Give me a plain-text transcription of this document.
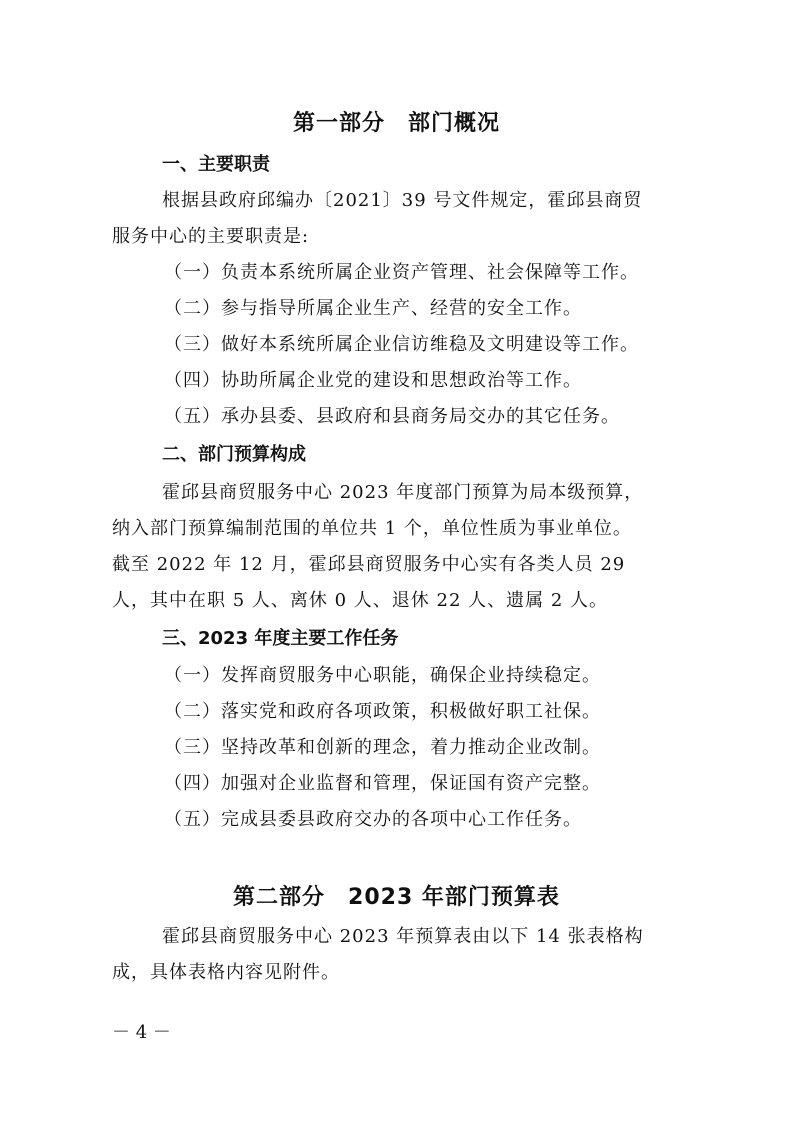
第一部分　部门概况
一、主要职责
根据县政府邱编办〔2021〕39 号文件规定，霍邱县商贸
服务中心的主要职责是:
（一）负责本系统所属企业资产管理、社会保障等工作。
（二）参与指导所属企业生产、经营的安全工作。
（三）做好本系统所属企业信访维稳及文明建设等工作。
（四）协助所属企业党的建设和思想政治等工作。
（五）承办县委、县政府和县商务局交办的其它任务。
二、部门预算构成
霍邱县商贸服务中心 2023 年度部门预算为局本级预算，
纳入部门预算编制范围的单位共 1 个，单位性质为事业单位。
截至 2022 年 12 月，霍邱县商贸服务中心实有各类人员 29
人，其中在职 5 人、离休 0 人、退休 22 人、遗属 2 人。
三、2023 年度主要工作任务
（一）发挥商贸服务中心职能，确保企业持续稳定。
（二）落实党和政府各项政策，积极做好职工社保。
（三）坚持改革和创新的理念，着力推动企业改制。
（四）加强对企业监督和管理，保证国有资产完整。
（五）完成县委县政府交办的各项中心工作任务。
第二部分　2023 年部门预算表
霍邱县商贸服务中心 2023 年预算表由以下 14 张表格构
成，具体表格内容见附件。
－ 4 －
